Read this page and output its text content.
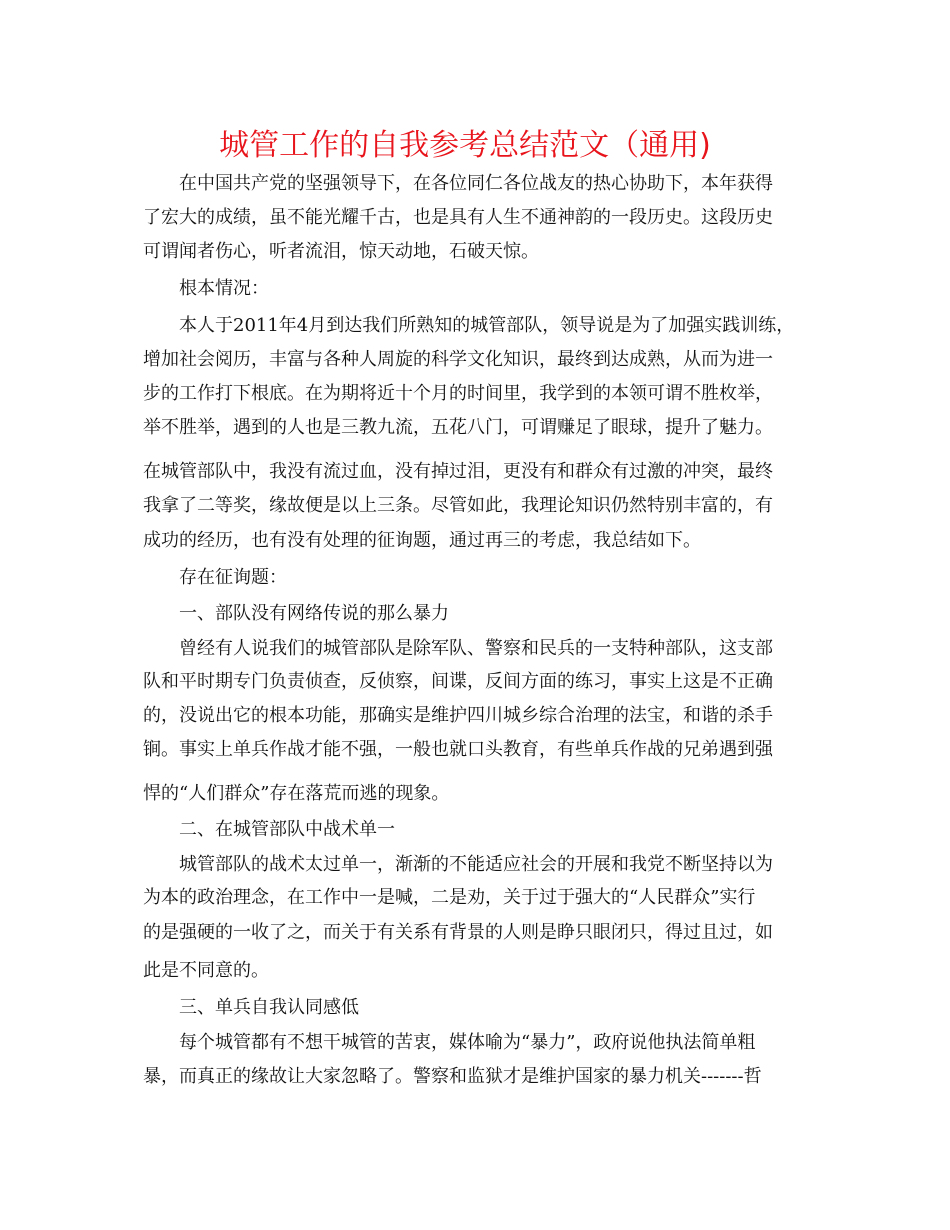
城管工作的自我参考总结范文（通用)
在中国共产党的坚强领导下，在各位同仁各位战友的热心协助下，本年获得
了宏大的成绩，虽不能光耀千古，也是具有人生不通神韵的一段历史。这段历史
可谓闻者伤心，听者流泪，惊天动地，石破天惊。
根本情况：
本人于2011年4月到达我们所熟知的城管部队，领导说是为了加强实践训练，
增加社会阅历，丰富与各种人周旋的科学文化知识，最终到达成熟，从而为进一
步的工作打下根底。在为期将近十个月的时间里，我学到的本领可谓不胜枚举，
举不胜举，遇到的人也是三教九流，五花八门，可谓赚足了眼球，提升了魅力。
在城管部队中，我没有流过血，没有掉过泪，更没有和群众有过激的冲突，最终
我拿了二等奖，缘故便是以上三条。尽管如此，我理论知识仍然特别丰富的，有
成功的经历，也有没有处理的征询题，通过再三的考虑，我总结如下。
存在征询题：
一、部队没有网络传说的那么暴力
曾经有人说我们的城管部队是除军队、警察和民兵的一支特种部队，这支部
队和平时期专门负责侦查，反侦察，间谍，反间方面的练习，事实上这是不正确
的，没说出它的根本功能，那确实是维护四川城乡综合治理的法宝，和谐的杀手
锏。事实上单兵作战才能不强，一般也就口头教育，有些单兵作战的兄弟遇到强
悍的“人们群众”存在落荒而逃的现象。
二、在城管部队中战术单一
城管部队的战术太过单一，渐渐的不能适应社会的开展和我党不断坚持以为
为本的政治理念，在工作中一是喊，二是劝，关于过于强大的“人民群众”实行
的是强硬的一收了之，而关于有关系有背景的人则是睁只眼闭只，得过且过，如
此是不同意的。
三、单兵自我认同感低
每个城管都有不想干城管的苦衷，媒体喻为“暴力”，政府说他执法简单粗
暴，而真正的缘故让大家忽略了。警察和监狱才是维护国家的暴力机关-------哲
